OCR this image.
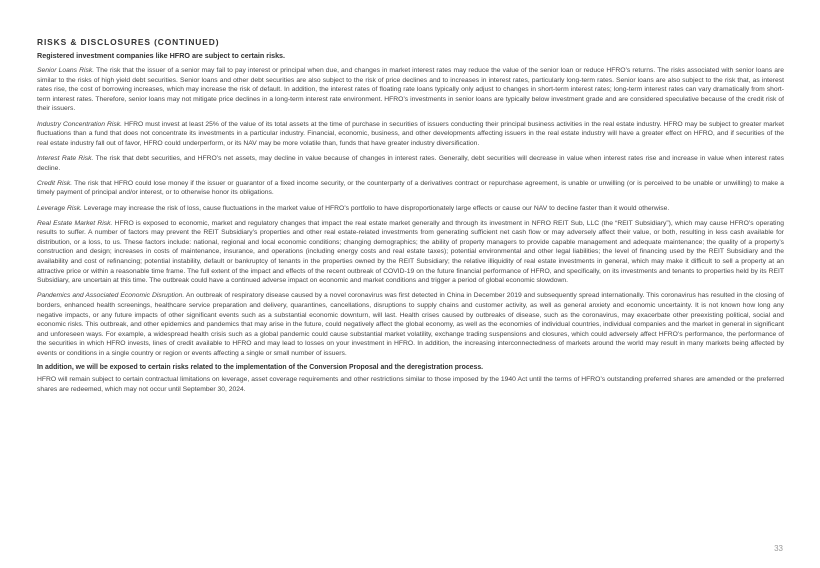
RISKS & DISCLOSURES (CONTINUED)
Registered investment companies like HFRO are subject to certain risks.

Senior Loans Risk. The risk that the issuer of a senior may fail to pay interest or principal when due, and changes in market interest rates may reduce the value of the senior loan or reduce HFRO’s returns. The risks associated with senior loans are similar to the risks of high yield debt securities. Senior loans and other debt securities are also subject to the risk of price declines and to increases in interest rates, particularly long-term rates. Senior loans are also subject to the risk that, as interest rates rise, the cost of borrowing increases, which may increase the risk of default. In addition, the interest rates of floating rate loans typically only adjust to changes in short-term interest rates; long-term interest rates can vary dramatically from short-term interest rates. Therefore, senior loans may not mitigate price declines in a long-term interest rate environment. HFRO’s investments in senior loans are typically below investment grade and are considered speculative because of the credit risk of their issuers.

Industry Concentration Risk. HFRO must invest at least 25% of the value of its total assets at the time of purchase in securities of issuers conducting their principal business activities in the real estate industry. HFRO may be subject to greater market fluctuations than a fund that does not concentrate its investments in a particular industry. Financial, economic, business, and other developments affecting issuers in the real estate industry will have a greater effect on HFRO, and if securities of the real estate industry fall out of favor, HFRO could underperform, or its NAV may be more volatile than, funds that have greater industry diversification.

Interest Rate Risk. The risk that debt securities, and HFRO’s net assets, may decline in value because of changes in interest rates. Generally, debt securities will decrease in value when interest rates rise and increase in value when interest rates decline.

Credit Risk. The risk that HFRO could lose money if the issuer or guarantor of a fixed income security, or the counterparty of a derivatives contract or repurchase agreement, is unable or unwilling (or is perceived to be unable or unwilling) to make a timely payment of principal and/or interest, or to otherwise honor its obligations.

Leverage Risk. Leverage may increase the risk of loss, cause fluctuations in the market value of HFRO’s portfolio to have disproportionately large effects or cause our NAV to decline faster than it would otherwise.

Real Estate Market Risk. HFRO is exposed to economic, market and regulatory changes that impact the real estate market generally and through its investment in NFRO REIT Sub, LLC (the “REIT Subsidiary”), which may cause HFRO’s operating results to suffer. A number of factors may prevent the REIT Subsidiary’s properties and other real estate-related investments from generating sufficient net cash flow or may adversely affect their value, or both, resulting in less cash available for distribution, or a loss, to us. These factors include: national, regional and local economic conditions; changing demographics; the ability of property managers to provide capable management and adequate maintenance; the quality of a property’s construction and design; increases in costs of maintenance, insurance, and operations (including energy costs and real estate taxes); potential environmental and other legal liabilities; the level of financing used by the REIT Subsidiary and the availability and cost of refinancing; potential instability, default or bankruptcy of tenants in the properties owned by the REIT Subsidiary; the relative illiquidity of real estate investments in general, which may make it difficult to sell a property at an attractive price or within a reasonable time frame. The full extent of the impact and effects of the recent outbreak of COVID-19 on the future financial performance of HFRO, and specifically, on its investments and tenants to properties held by its REIT Subsidiary, are uncertain at this time. The outbreak could have a continued adverse impact on economic and market conditions and trigger a period of global economic slowdown.

Pandemics and Associated Economic Disruption. An outbreak of respiratory disease caused by a novel coronavirus was first detected in China in December 2019 and subsequently spread internationally. This coronavirus has resulted in the closing of borders, enhanced health screenings, healthcare service preparation and delivery, quarantines, cancellations, disruptions to supply chains and customer activity, as well as general anxiety and economic uncertainty. It is not known how long any negative impacts, or any future impacts of other significant events such as a substantial economic downturn, will last. Health crises caused by outbreaks of disease, such as the coronavirus, may exacerbate other preexisting political, social and economic risks. This outbreak, and other epidemics and pandemics that may arise in the future, could negatively affect the global economy, as well as the economies of individual countries, individual companies and the market in general in significant and unforeseen ways. For example, a widespread health crisis such as a global pandemic could cause substantial market volatility, exchange trading suspensions and closures, which could adversely affect HFRO’s performance, the performance of the securities in which HFRO invests, lines of credit available to HFRO and may lead to losses on your investment in HFRO. In addition, the increasing interconnectedness of markets around the world may result in many markets being affected by events or conditions in a single country or region or events affecting a single or small number of issuers.

In addition, we will be exposed to certain risks related to the implementation of the Conversion Proposal and the deregistration process.

HFRO will remain subject to certain contractual limitations on leverage, asset coverage requirements and other restrictions similar to those imposed by the 1940 Act until the terms of HFRO’s outstanding preferred shares are amended or the preferred shares are redeemed, which may not occur until September 30, 2024.

33
